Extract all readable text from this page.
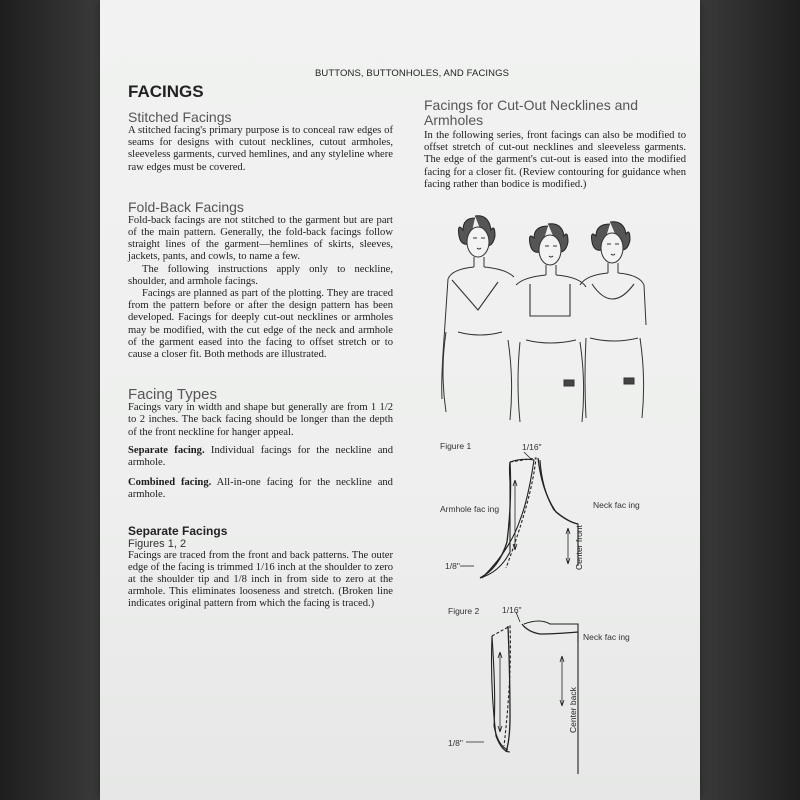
BUTTONS, BUTTONHOLES, AND FACINGS
FACINGS
Stitched Facings

A stitched facing's primary purpose is to conceal raw edges of seams for designs with cutout necklines, cutout armholes, sleeveless garments, curved hemlines, and any styleline where raw edges must be covered.

Fold-Back Facings

Fold-back facings are not stitched to the garment but are part of the main pattern. Generally, the fold-back facings follow straight lines of the garment—hemlines of skirts, sleeves, jackets, pants, and cowls, to name a few.

The following instructions apply only to neckline, shoulder, and armhole facings.

Facings are planned as part of the plotting. They are traced from the pattern before or after the design pattern has been developed. Facings for deeply cut-out necklines or armholes may be modified, with the cut edge of the neck and armhole of the garment eased into the facing to offset stretch or to cause a closer fit. Both methods are illustrated.

Facing Types

Facings vary in width and shape but generally are from 1 1/2 to 2 inches. The back facing should be longer than the depth of the front neckline for hanger appeal.

Separate facing. Individual facings for the neckline and armhole.

Combined facing. All-in-one facing for the neckline and armhole.

Separate Facings
Figures 1, 2

Facings are traced from the front and back patterns. The outer edge of the facing is trimmed 1/16 inch at the shoulder to zero at the shoulder tip and 1/8 inch in from side to zero at the armhole. This eliminates looseness and stretch. (Broken line indicates original pattern from which the facing is traced.)

Facings for Cut-Out Necklines and Armholes

In the following series, front facings can also be modified to offset stretch of cut-out necklines and sleeveless garments. The edge of the garment's cut-out is eased into the modified facing for a closer fit. (Review contouring for guidance when facing rather than bodice is modified.)

Figure 1	1/16"
Armhole fac ing	Neck fac ing
1/8"	Center front
Figure 2	1/16"
Neck fac ing
1/8"
Center back
